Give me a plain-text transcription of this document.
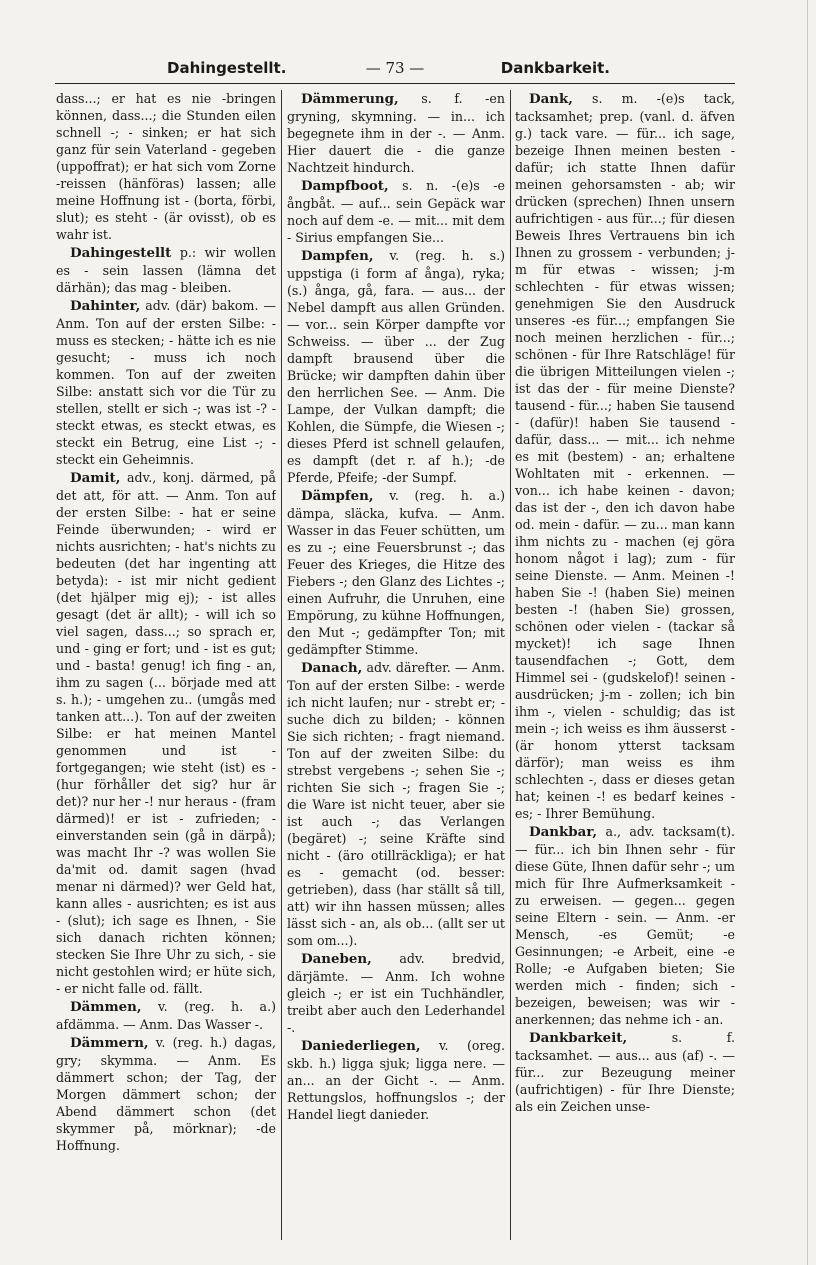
Dahingestellt.	— 73 —	Dankbarkeit.
dass...; er hat es nie -bringen können, dass...; die Stunden eilen schnell -; - sinken; er hat sich ganz für sein Vaterland - gegeben (uppoffrat); er hat sich vom Zorne -reissen (hänföras) lassen; alle meine Hoffnung ist - (borta, förbi, slut); es steht - (är ovisst), ob es wahr ist.
Dahingestellt p.: wir wollen es - sein lassen (lämna det därhän); das mag - bleiben.
Dahinter, adv. (där) bakom. — Anm. Ton auf der ersten Silbe: - muss es stecken; - hätte ich es nie gesucht; - muss ich noch kommen. Ton auf der zweiten Silbe: anstatt sich vor die Tür zu stellen, stellt er sich -; was ist -? - steckt etwas, es steckt etwas, es steckt ein Betrug, eine List -; - steckt ein Geheimnis.
Damit, adv., konj. därmed, på det att, för att. — Anm. Ton auf der ersten Silbe: - hat er seine Feinde überwunden; - wird er nichts ausrichten; - hat's nichts zu bedeuten (det har ingenting att betyda): - ist mir nicht gedient (det hjälper mig ej); - ist alles gesagt (det är allt); - will ich so viel sagen, dass...; so sprach er, und - ging er fort; und - ist es gut; und - basta! genug! ich fing - an, ihm zu sagen (... började med att s. h.); - umgehen zu.. (umgås med tanken att...). Ton auf der zweiten Silbe: er hat meinen Mantel genommen und ist - fortgegangen; wie steht (ist) es - (hur förhåller det sig? hur är det)? nur her -! nur heraus - (fram därmed)! er ist - zufrieden; - einverstanden sein (gå in därpå); was macht Ihr -? was wollen Sie da'mit od. damit sagen (hvad menar ni därmed)? wer Geld hat, kann alles - ausrichten; es ist aus - (slut); ich sage es Ihnen, - Sie sich danach richten können; stecken Sie Ihre Uhr zu sich, - sie nicht gestohlen wird; er hüte sich, - er nicht falle od. fällt.
Dämmen, v. (reg. h. a.) afdämma. — Anm. Das Wasser -.
Dämmern, v. (reg. h.) dagas, gry; skymma. — Anm. Es dämmert schon; der Tag, der Morgen dämmert schon; der Abend dämmert schon (det skymmer på, mörknar); -de Hoffnung.
Dämmerung, s. f. -en gryning, skymning. — in... ich begegnete ihm in der -. — Anm. Hier dauert die - die ganze Nachtzeit hindurch.
Dampfboot, s. n. -(e)s -e ångbåt. — auf... sein Gepäck war noch auf dem -e. — mit... mit dem - Sirius empfangen Sie...
Dampfen, v. (reg. h. s.) uppstiga (i form af ånga), ryka; (s.) ånga, gå, fara. — aus... der Nebel dampft aus allen Gründen. — vor... sein Körper dampfte vor Schweiss. — über ... der Zug dampft brausend über die Brücke; wir dampften dahin über den herrlichen See. — Anm. Die Lampe, der Vulkan dampft; die Kohlen, die Sümpfe, die Wiesen -; dieses Pferd ist schnell gelaufen, es dampft (det r. af h.); -de Pferde, Pfeife; -der Sumpf.
Dämpfen, v. (reg. h. a.) dämpa, släcka, kufva. — Anm. Wasser in das Feuer schütten, um es zu -; eine Feuersbrunst -; das Feuer des Krieges, die Hitze des Fiebers -; den Glanz des Lichtes -; einen Aufruhr, die Unruhen, eine Empörung, zu kühne Hoffnungen, den Mut -; gedämpfter Ton; mit gedämpfter Stimme.
Danach, adv. därefter. — Anm. Ton auf der ersten Silbe: - werde ich nicht laufen; nur - strebt er; - suche dich zu bilden; - können Sie sich richten; - fragt niemand. Ton auf der zweiten Silbe: du strebst vergebens -; sehen Sie -; richten Sie sich -; fragen Sie -; die Ware ist nicht teuer, aber sie ist auch -; das Verlangen (begäret) -; seine Kräfte sind nicht - (äro otillräckliga); er hat es - gemacht (od. besser: getrieben), dass (har ställt så till, att) wir ihn hassen müssen; alles lässt sich - an, als ob... (allt ser ut som om...).
Daneben, adv. bredvid, därjämte. — Anm. Ich wohne gleich -; er ist ein Tuchhändler, treibt aber auch den Lederhandel -.
Daniederliegen, v. (oreg. skb. h.) ligga sjuk; ligga nere. — an... an der Gicht -. — Anm. Rettungslos, hoffnungslos -; der Handel liegt danieder.
Dank, s. m. -(e)s tack, tacksamhet; prep. (vanl. d. äfven g.) tack vare. — für... ich sage, bezeige Ihnen meinen besten - dafür; ich statte Ihnen dafür meinen gehorsamsten - ab; wir drücken (sprechen) Ihnen unsern aufrichtigen - aus für...; für diesen Beweis Ihres Vertrauens bin ich Ihnen zu grossem - verbunden; j-m für etwas - wissen; j-m schlechten - für etwas wissen; genehmigen Sie den Ausdruck unseres -es für...; empfangen Sie noch meinen herzlichen - für...; schönen - für Ihre Ratschläge! für die übrigen Mitteilungen vielen -; ist das der - für meine Dienste? tausend - für...; haben Sie tausend - (dafür)! haben Sie tausend - dafür, dass... — mit... ich nehme es mit (bestem) - an; erhaltene Wohltaten mit - erkennen. — von... ich habe keinen - davon; das ist der -, den ich davon habe od. mein - dafür. — zu... man kann ihm nichts zu - machen (ej göra honom något i lag); zum - für seine Dienste. — Anm. Meinen -! haben Sie -! (haben Sie) meinen besten -! (haben Sie) grossen, schönen oder vielen - (tackar så mycket)! ich sage Ihnen tausendfachen -; Gott, dem Himmel sei - (gudskelof)! seinen - ausdrücken; j-m - zollen; ich bin ihm -, vielen - schuldig; das ist mein -; ich weiss es ihm äusserst - (är honom ytterst tacksam därför); man weiss es ihm schlechten -, dass er dieses getan hat; keinen -! es bedarf keines -es; - Ihrer Bemühung.
Dankbar, a., adv. tacksam(t). — für... ich bin Ihnen sehr - für diese Güte, Ihnen dafür sehr -; um mich für Ihre Aufmerksamkeit - zu erweisen. — gegen... gegen seine Eltern - sein. — Anm. -er Mensch, -es Gemüt; -e Gesinnungen; -e Arbeit, eine -e Rolle; -e Aufgaben bieten; Sie werden mich - finden; sich - bezeigen, beweisen; was wir - anerkennen; das nehme ich - an.
Dankbarkeit, s. f. tacksamhet. — aus... aus (af) -. — für... zur Bezeugung meiner (aufrichtigen) - für Ihre Dienste; als ein Zeichen unse-
